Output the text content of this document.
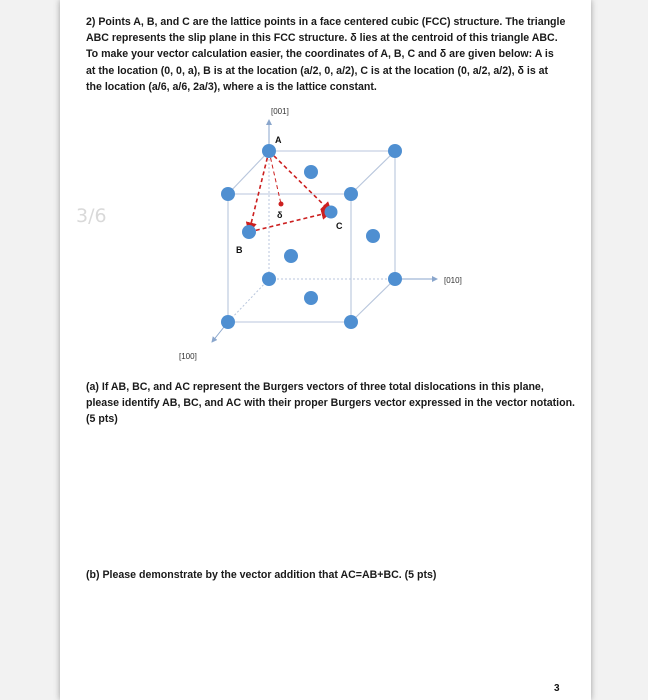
2) Points A, B, and C are the lattice points in a face centered cubic (FCC) structure. The triangle ABC represents the slip plane in this FCC structure. δ lies at the centroid of this triangle ABC. To make your vector calculation easier, the coordinates of A, B, C and δ are given below: A is at the location (0, 0, a), B is at the location (a/2, 0, a/2), C is at the location (0, a/2, a/2), δ is at the location (a/6, a/6, 2a/3), where a is the lattice constant.
3/6
[001]
[010]
[100]
A
B
C
δ
(a) If AB, BC, and AC represent the Burgers vectors of three total dislocations in this plane, please identify AB, BC, and AC with their proper Burgers vector expressed in the vector notation. (5 pts)
(b) Please demonstrate by the vector addition that AC=AB+BC. (5 pts)
3
